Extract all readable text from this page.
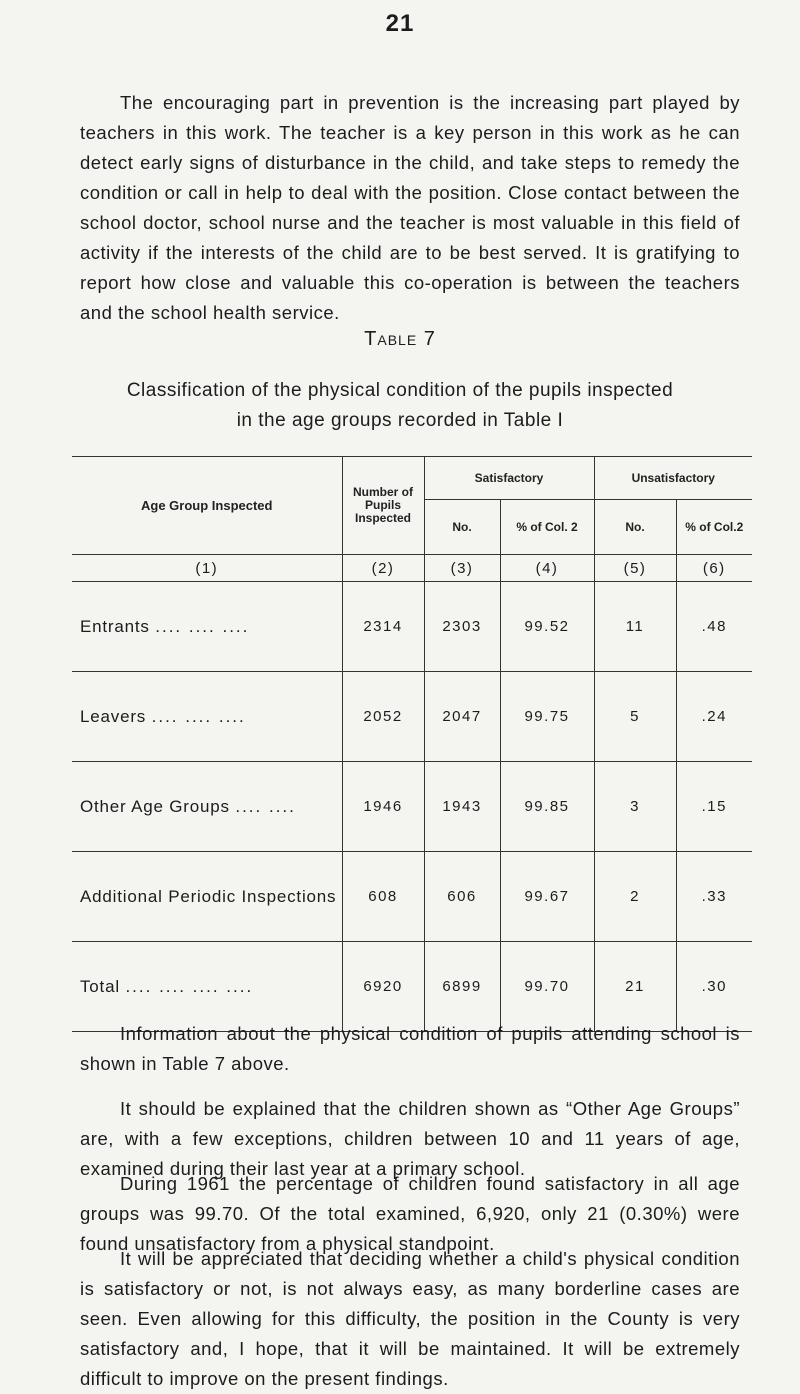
21

The encouraging part in prevention is the increasing part played by teachers in this work. The teacher is a key person in this work as he can detect early signs of disturbance in the child, and take steps to remedy the condition or call in help to deal with the position. Close contact between the school doctor, school nurse and the teacher is most valuable in this field of activity if the interests of the child are to be best served. It is gratifying to report how close and valuable this co-operation is between the teachers and the school health service.

Table 7
Classification of the physical condition of the pupils inspected
in the age groups recorded in Table I
Age Group Inspected	Number of Pupils Inspected	Satisfactory		Unsatisfactory	
		No.	% of Col. 2	No.	% of Col.2
(1)	(2)	(3)	(4)	(5)	(6)
Entrants .... .... ....	2314	2303	99.52	11	.48
Leavers .... .... ....	2052	2047	99.75	5	.24
Other Age Groups .... ....	1946	1943	99.85	3	.15
Additional Periodic Inspections	608	606	99.67	2	.33
Total .... .... .... ....	6920	6899	99.70	21	.30

Information about the physical condition of pupils attending school is shown in Table 7 above.

It should be explained that the children shown as “Other Age Groups” are, with a few exceptions, children between 10 and 11 years of age, examined during their last year at a primary school.

During 1961 the percentage of children found satisfactory in all age groups was 99.70. Of the total examined, 6,920, only 21 (0.30%) were found unsatisfactory from a physical standpoint.

It will be appreciated that deciding whether a child's physical condition is satisfactory or not, is not always easy, as many borderline cases are seen. Even allowing for this difficulty, the position in the County is very satisfactory and, I hope, that it will be maintained. It will be extremely difficult to improve on the present findings.
